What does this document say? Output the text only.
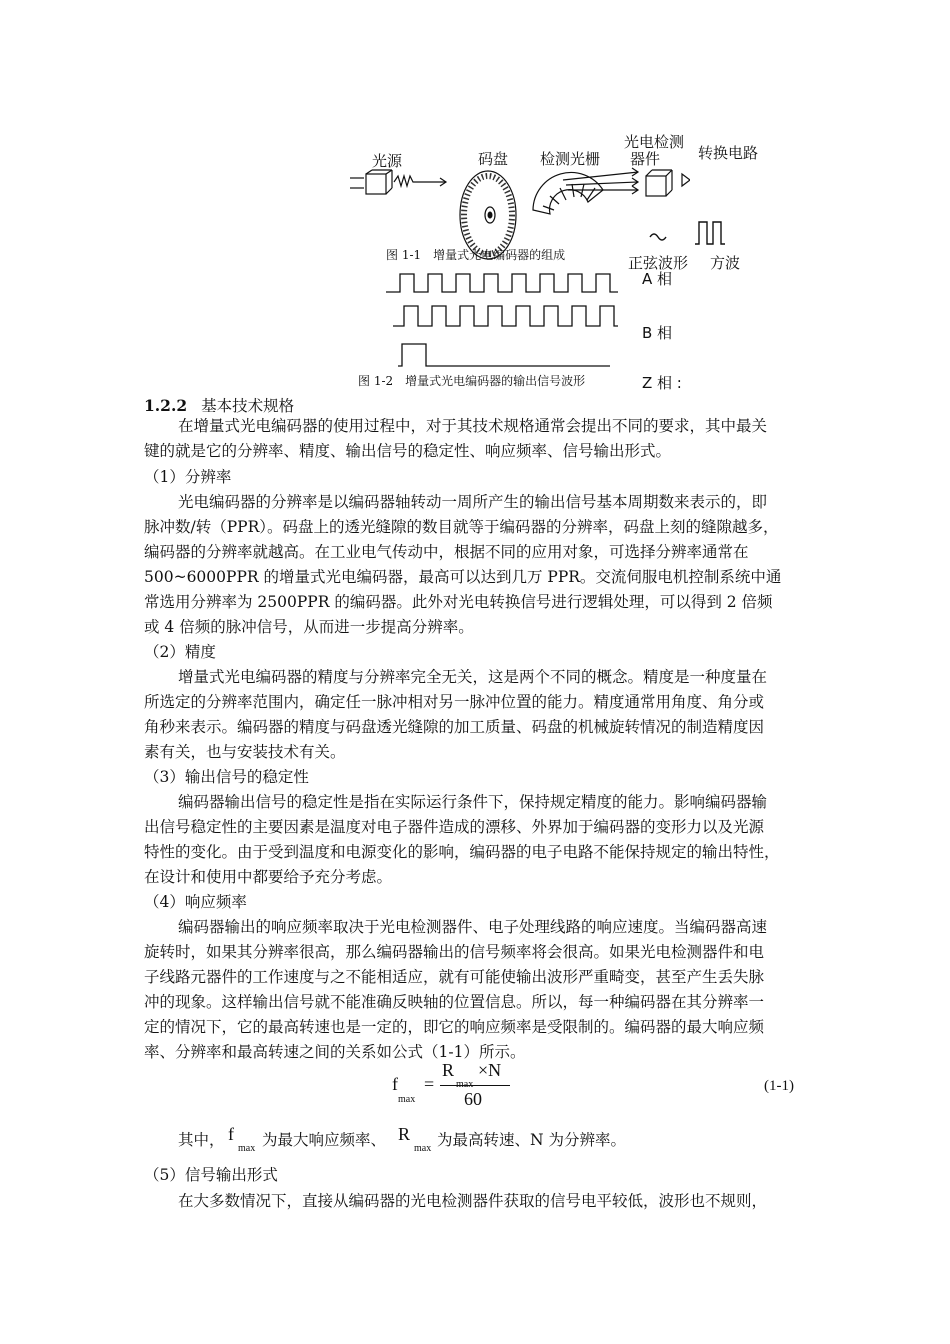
光源	码盘 检测光栅
光电检测
器件	转换电路
正弦波形 方波
图 1-1　增量式光电编码器的组成
A 相
B 相
图 1-2　增量式光电编码器的输出信号波形	Z 相 :
1.2.2 基本技术规格
在增量式光电编码器的使用过程中，对于其技术规格通常会提出不同的要求，其中最关
键的就是它的分辨率、精度、输出信号的稳定性、响应频率、信号输出形式。
（1）分辨率
光电编码器的分辨率是以编码器轴转动一周所产生的输出信号基本周期数来表示的，即
脉冲数/转（PPR）。码盘上的透光缝隙的数目就等于编码器的分辨率，码盘上刻的缝隙越多，
编码器的分辨率就越高。在工业电气传动中，根据不同的应用对象，可选择分辨率通常在
500~6000PPR 的增量式光电编码器，最高可以达到几万 PPR。交流伺服电机控制系统中通
常选用分辨率为 2500PPR 的编码器。此外对光电转换信号进行逻辑处理，可以得到 2 倍频
或 4 倍频的脉冲信号，从而进一步提高分辨率。
（2）精度
增量式光电编码器的精度与分辨率完全无关，这是两个不同的概念。精度是一种度量在
所选定的分辨率范围内，确定任一脉冲相对另一脉冲位置的能力。精度通常用角度、角分或
角秒来表示。编码器的精度与码盘透光缝隙的加工质量、码盘的机械旋转情况的制造精度因
素有关，也与安装技术有关。
（3）输出信号的稳定性
编码器输出信号的稳定性是指在实际运行条件下，保持规定精度的能力。影响编码器输
出信号稳定性的主要因素是温度对电子器件造成的漂移、外界加于编码器的变形力以及光源
特性的变化。由于受到温度和电源变化的影响，编码器的电子电路不能保持规定的输出特性，
在设计和使用中都要给予充分考虑。
（4）响应频率
编码器输出的响应频率取决于光电检测器件、电子处理线路的响应速度。当编码器高速
旋转时，如果其分辨率很高，那么编码器输出的信号频率将会很高。如果光电检测器件和电
子线路元器件的工作速度与之不能相适应，就有可能使输出波形严重畸变，甚至产生丢失脉
冲的现象。这样输出信号就不能准确反映轴的位置信息。所以，每一种编码器在其分辨率一
定的情况下，它的最高转速也是一定的，即它的响应频率是受限制的。编码器的最大响应频
率、分辨率和最高转速之间的关系如公式（1-1）所示。
f
max
=
R ×N
60
(1-1)
其中， f
max 为最大响应频率、 R
max 为最高转速、N 为分辨率。
（5）信号输出形式
在大多数情况下，直接从编码器的光电检测器件获取的信号电平较低，波形也不规则，
